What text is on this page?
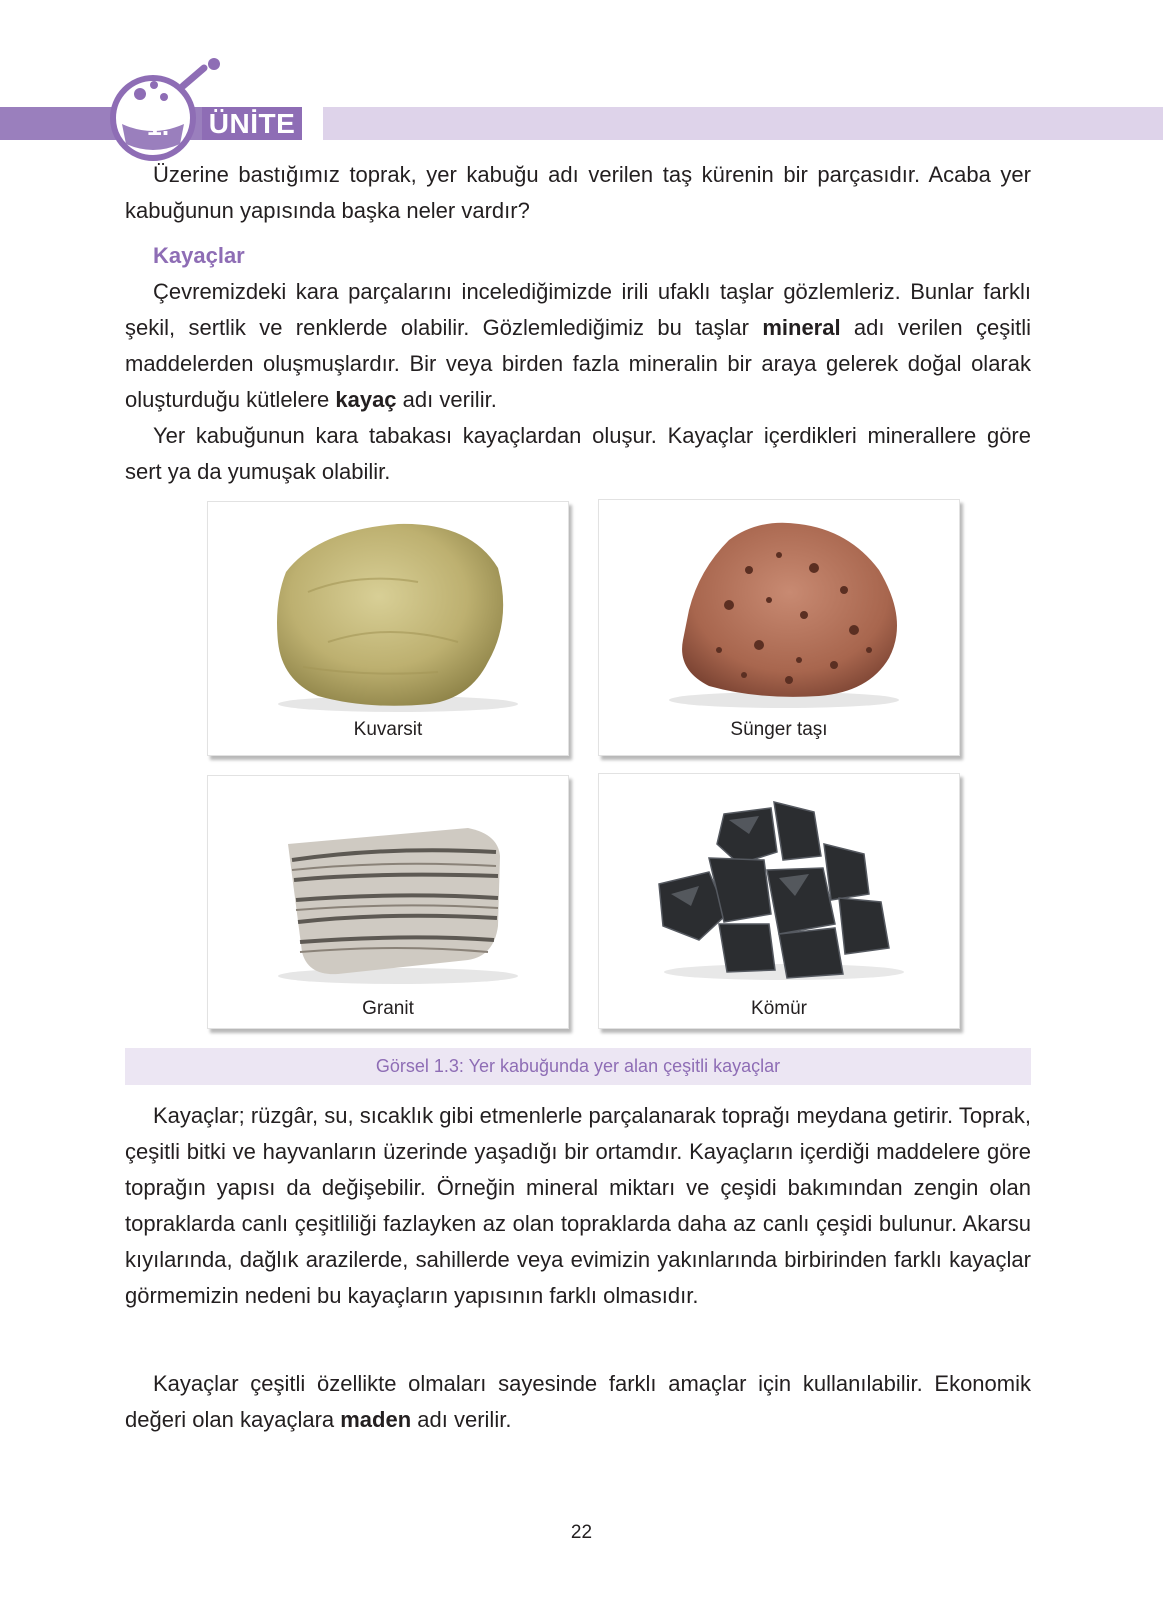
1.	ÜNİTE

Üzerine bastığımız toprak, yer kabuğu adı verilen taş kürenin bir parçasıdır. Acaba yer kabuğunun yapısında başka neler vardır?

Kayaçlar

Çevremizdeki kara parçalarını incelediğimizde irili ufaklı taşlar gözlemleriz. Bunlar farklı şekil, sertlik ve renklerde olabilir. Gözlemlediğimiz bu taşlar mineral adı verilen çeşitli maddelerden oluşmuşlardır. Bir veya birden fazla mineralin bir araya gelerek doğal olarak oluşturduğu kütlelere kayaç adı verilir.

Yer kabuğunun kara tabakası kayaçlardan oluşur. Kayaçlar içerdikleri minerallere göre sert ya da yumuşak olabilir.

Kuvarsit	Sünger taşı
Granit	Kömür
Görsel 1.3: Yer kabuğunda yer alan çeşitli kayaçlar

Kayaçlar; rüzgâr, su, sıcaklık gibi etmenlerle parçalanarak toprağı meydana getirir. Toprak, çeşitli bitki ve hayvanların üzerinde yaşadığı bir ortamdır. Kayaçların içerdiği maddelere göre toprağın yapısı da değişebilir. Örneğin mineral miktarı ve çeşidi bakımından zengin olan topraklarda canlı çeşitliliği fazlayken az olan topraklarda daha az canlı çeşidi bulunur. Akarsu kıyılarında, dağlık arazilerde, sahillerde veya evimizin yakınlarında birbirinden farklı kayaçlar görmemizin nedeni bu kayaçların yapısının farklı olmasıdır.

Kayaçlar çeşitli özellikte olmaları sayesinde farklı amaçlar için kullanılabilir. Ekonomik değeri olan kayaçlara maden adı verilir.

22
